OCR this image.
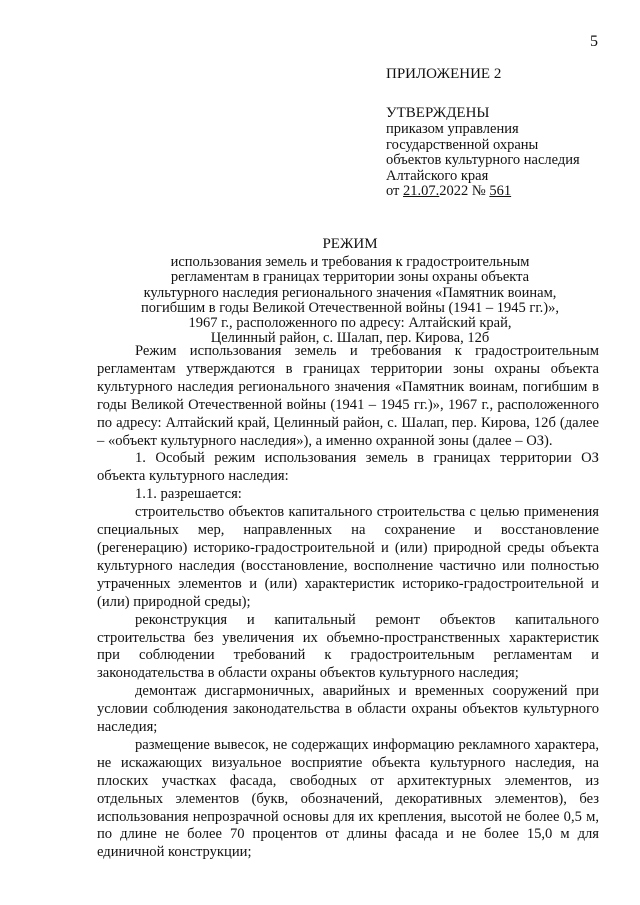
5
ПРИЛОЖЕНИЕ 2
УТВЕРЖДЕНЫ
приказом управления
государственной охраны
объектов культурного наследия
Алтайского края
от 21.07.2022 № 561
РЕЖИМ
использования земель и требования к градостроительным
регламентам в границах территории зоны охраны объекта
культурного наследия регионального значения «Памятник воинам,
погибшим в годы Великой Отечественной войны (1941 – 1945 гг.)»,
1967 г., расположенного по адресу: Алтайский край,
Целинный район, с. Шалап, пер. Кирова, 12б

Режим использования земель и требования к градостроительным регламентам утверждаются в границах территории зоны охраны объекта культурного наследия регионального значения «Памятник воинам, погибшим в годы Великой Отечественной войны (1941 – 1945 гг.)», 1967 г., расположенного по адресу: Алтайский край, Целинный район, с. Шалап, пер. Кирова, 12б (далее – «объект культурного наследия»), а именно охранной зоны (далее – ОЗ).

1. Особый режим использования земель в границах территории ОЗ объекта культурного наследия:

1.1. разрешается:

строительство объектов капитального строительства с целью применения специальных мер, направленных на сохранение и восстановление (регенерацию) историко-градостроительной и (или) природной среды объекта культурного наследия (восстановление, восполнение частично или полностью утраченных элементов и (или) характеристик историко-градостроительной и (или) природной среды);

реконструкция и капитальный ремонт объектов капитального строительства без увеличения их объемно-пространственных характеристик при соблюдении требований к градостроительным регламентам и законодательства в области охраны объектов культурного наследия;

демонтаж дисгармоничных, аварийных и временных сооружений при условии соблюдения законодательства в области охраны объектов культурного наследия;

размещение вывесок, не содержащих информацию рекламного характера, не искажающих визуальное восприятие объекта культурного наследия, на плоских участках фасада, свободных от архитектурных элементов, из отдельных элементов (букв, обозначений, декоративных элементов), без использования непрозрачной основы для их крепления, высотой не более 0,5 м, по длине не более 70 процентов от длины фасада и не более 15,0 м для единичной конструкции;
